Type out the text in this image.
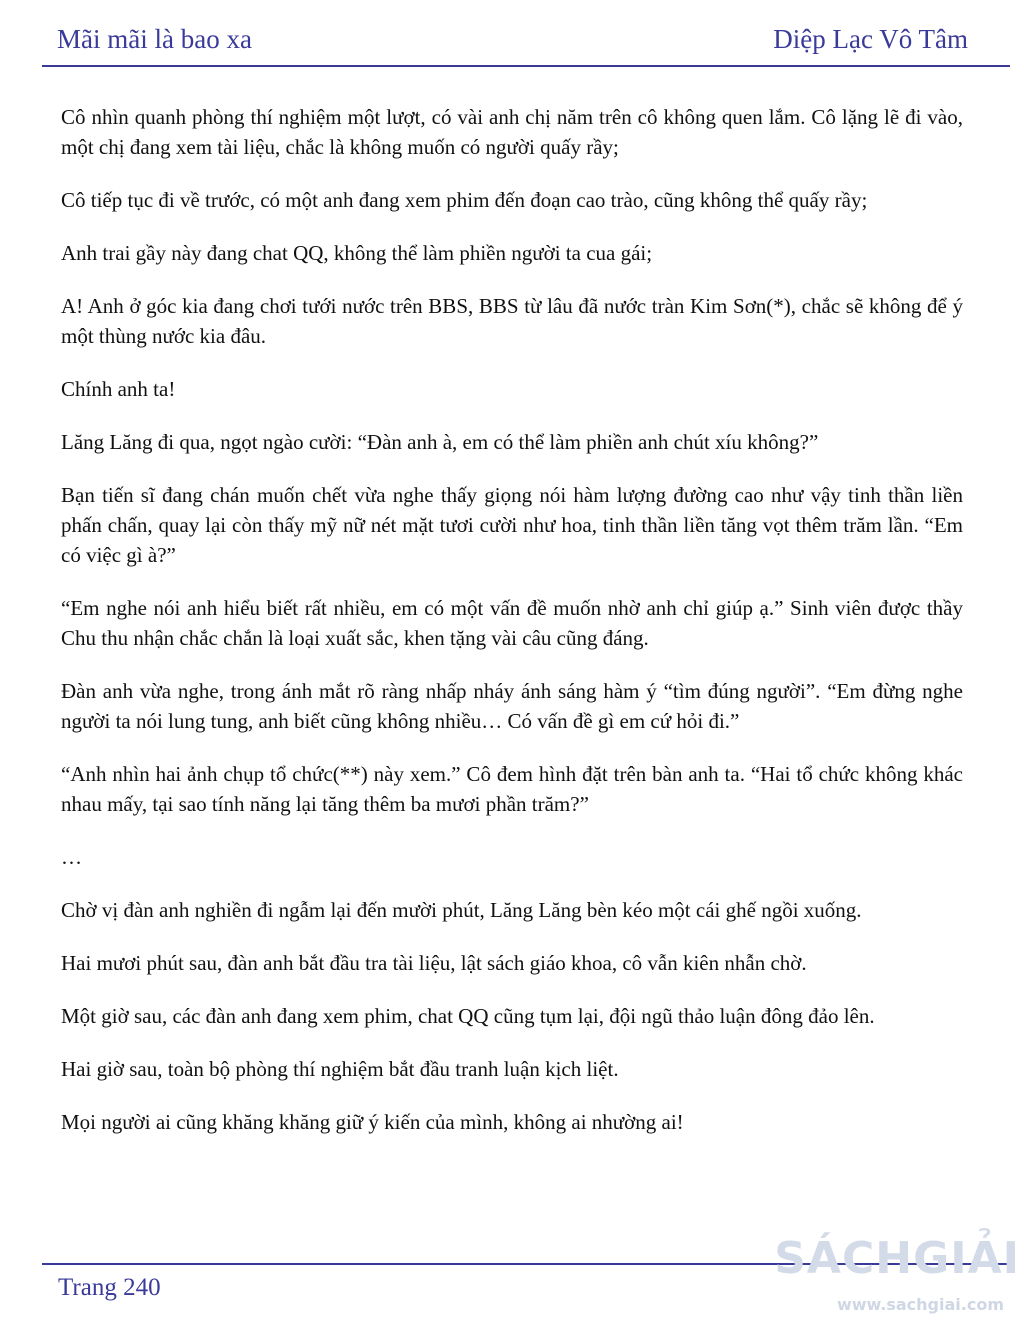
Mãi mãi là bao xa	Diệp Lạc Vô Tâm

Cô nhìn quanh phòng thí nghiệm một lượt, có vài anh chị năm trên cô không quen lắm. Cô lặng lẽ đi vào, một chị đang xem tài liệu, chắc là không muốn có người quấy rầy;

Cô tiếp tục đi về trước, có một anh đang xem phim đến đoạn cao trào, cũng không thể quấy rầy;

Anh trai gầy này đang chat QQ, không thể làm phiền người ta cua gái;

A! Anh ở góc kia đang chơi tưới nước trên BBS, BBS từ lâu đã nước tràn Kim Sơn(*), chắc sẽ không để ý một thùng nước kia đâu.

Chính anh ta!

Lăng Lăng đi qua, ngọt ngào cười: “Đàn anh à, em có thể làm phiền anh chút xíu không?”

Bạn tiến sĩ đang chán muốn chết vừa nghe thấy giọng nói hàm lượng đường cao như vậy tinh thần liền phấn chấn, quay lại còn thấy mỹ nữ nét mặt tươi cười như hoa, tinh thần liền tăng vọt thêm trăm lần. “Em có việc gì à?”

“Em nghe nói anh hiểu biết rất nhiều, em có một vấn đề muốn nhờ anh chỉ giúp ạ.” Sinh viên được thầy Chu thu nhận chắc chắn là loại xuất sắc, khen tặng vài câu cũng đáng.

Đàn anh vừa nghe, trong ánh mắt rõ ràng nhấp nháy ánh sáng hàm ý “tìm đúng người”. “Em đừng nghe người ta nói lung tung, anh biết cũng không nhiều… Có vấn đề gì em cứ hỏi đi.”

“Anh nhìn hai ảnh chụp tổ chức(**) này xem.” Cô đem hình đặt trên bàn anh ta. “Hai tổ chức không khác nhau mấy, tại sao tính năng lại tăng thêm ba mươi phần trăm?”

…

Chờ vị đàn anh nghiền đi ngẫm lại đến mười phút, Lăng Lăng bèn kéo một cái ghế ngồi xuống.

Hai mươi phút sau, đàn anh bắt đầu tra tài liệu, lật sách giáo khoa, cô vẫn kiên nhẫn chờ.

Một giờ sau, các đàn anh đang xem phim, chat QQ cũng tụm lại, đội ngũ thảo luận đông đảo lên.

Hai giờ sau, toàn bộ phòng thí nghiệm bắt đầu tranh luận kịch liệt.

Mọi người ai cũng khăng khăng giữ ý kiến của mình, không ai nhường ai!

Trang 240
SÁCHGIẢI
www.sachgiai.com
